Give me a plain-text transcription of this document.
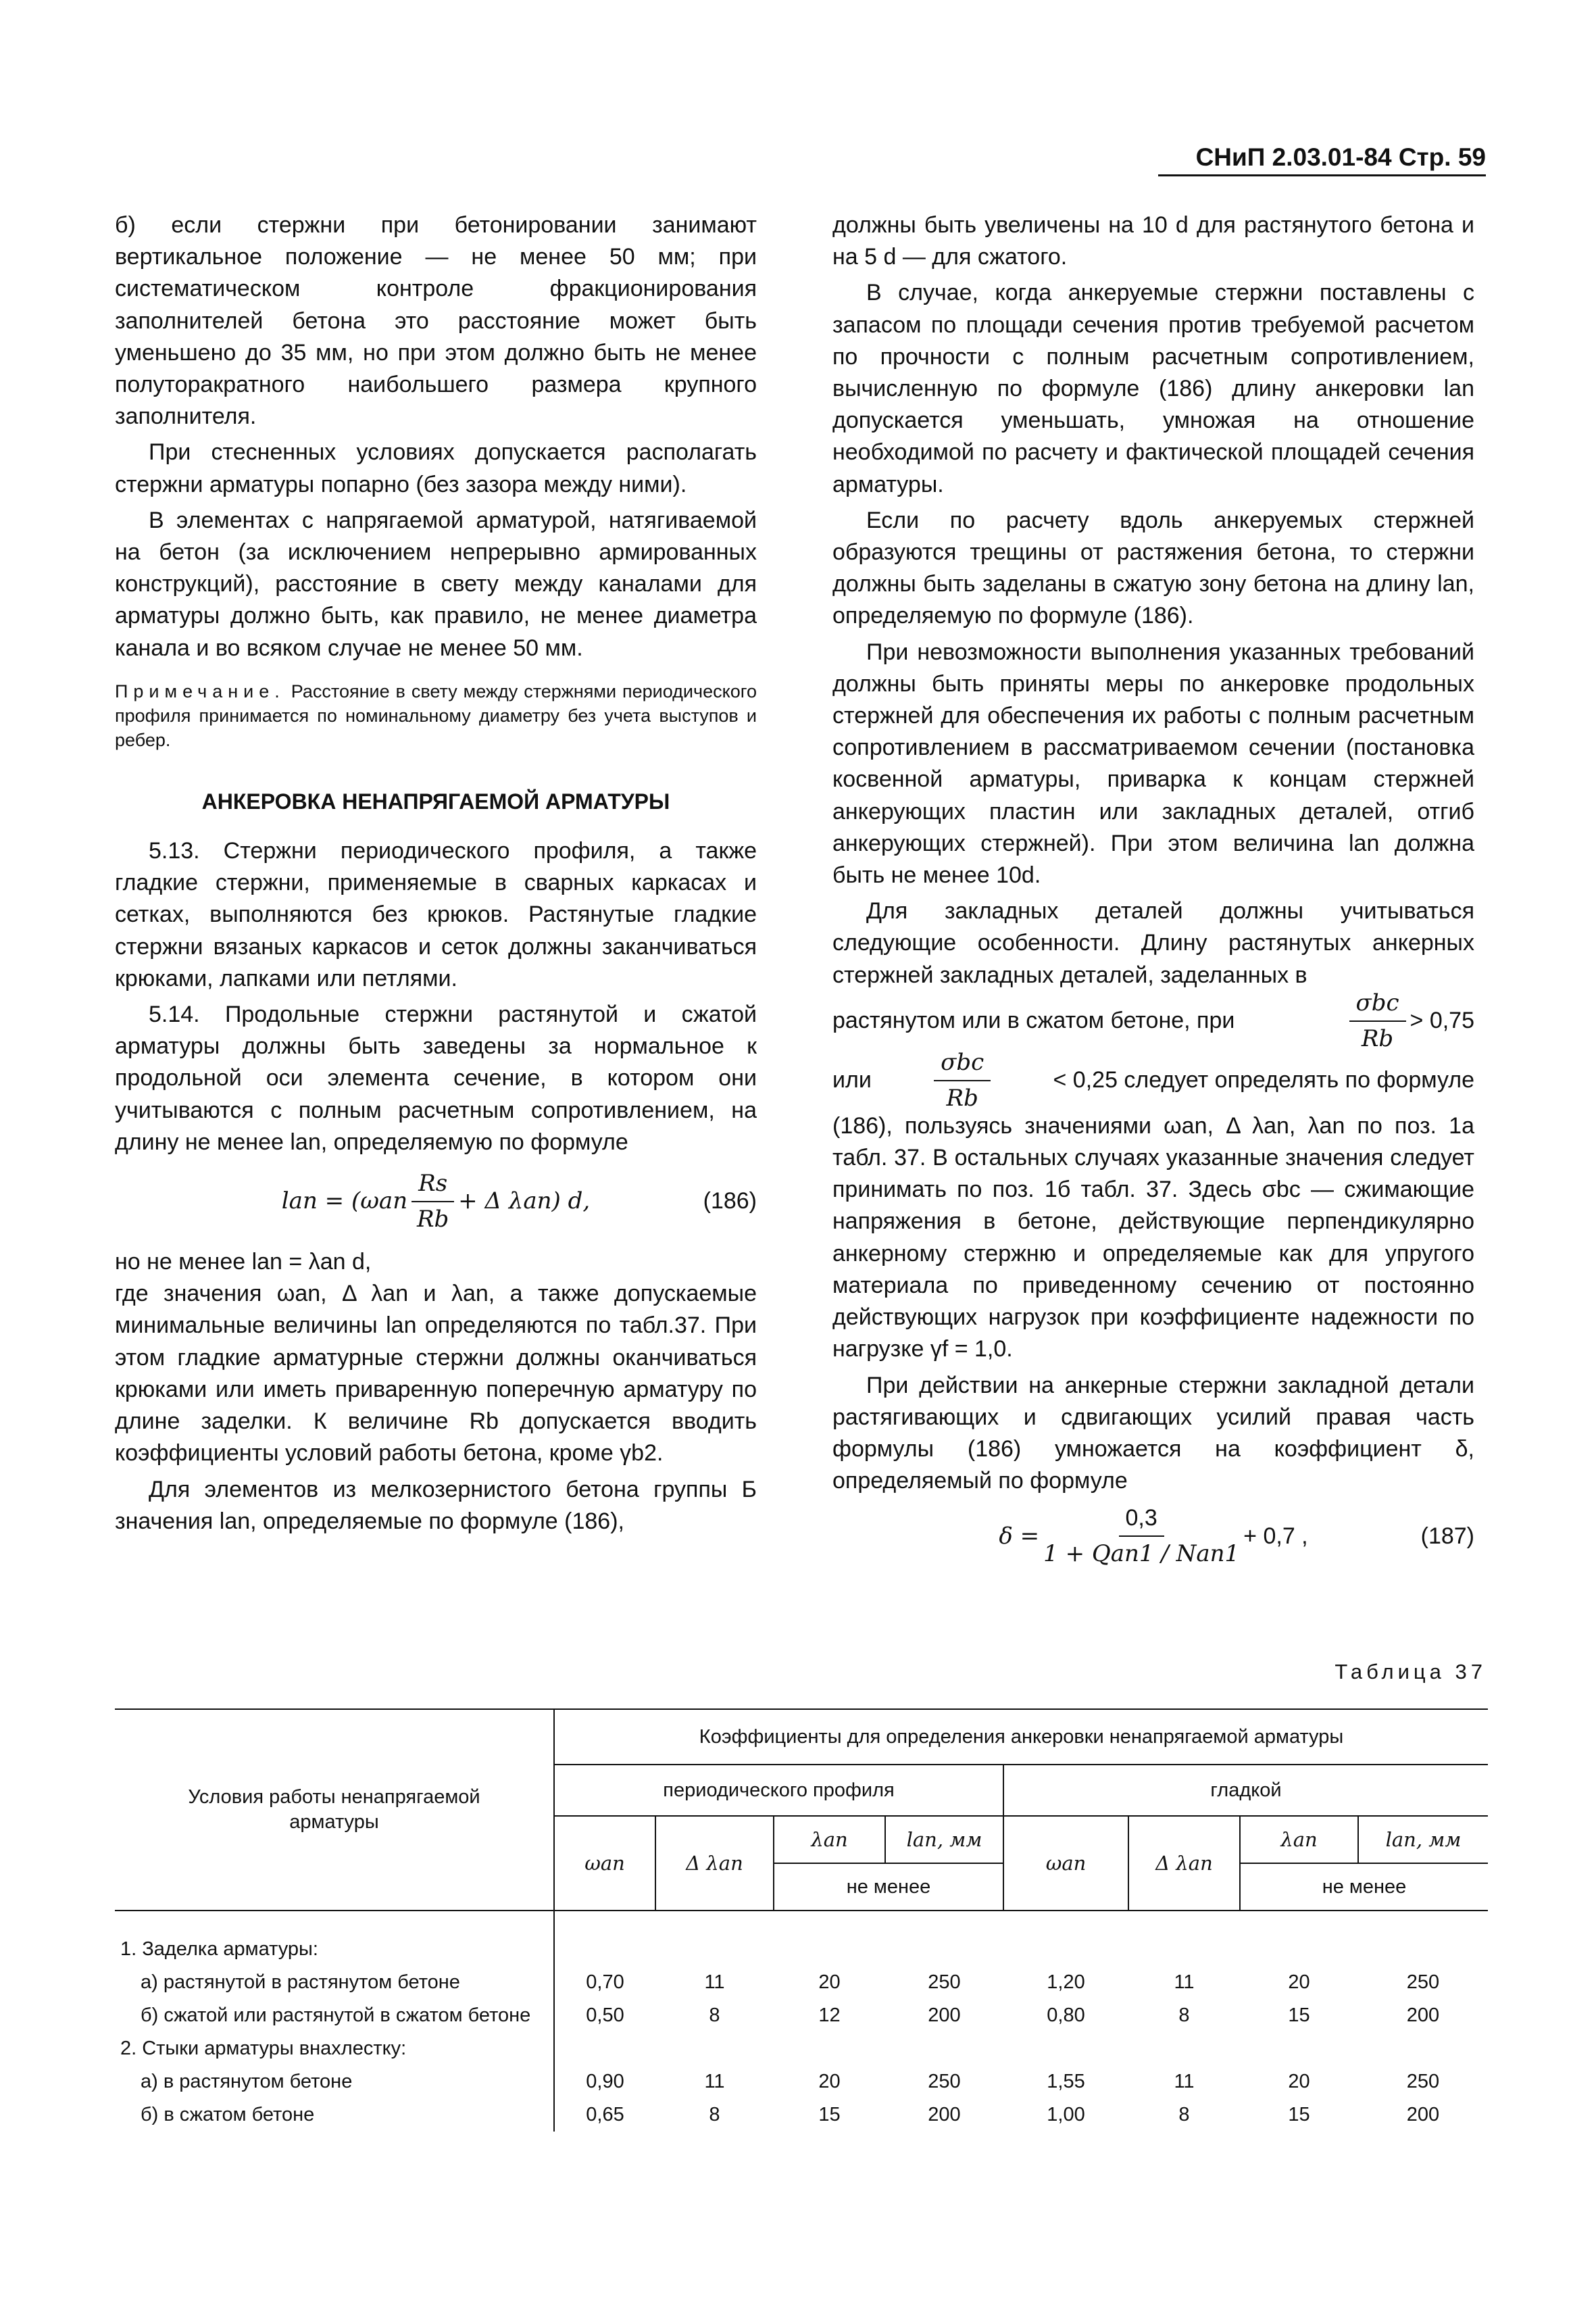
СНиП 2.03.01-84 Стр. 59

б) если стержни при бетонировании занимают вертикальное положение — не менее 50 мм; при систематическом контроле фракционирования заполнителей бетона это расстояние может быть уменьшено до 35 мм, но при этом должно быть не менее полуторакратного наибольшего размера крупного заполнителя.

При стесненных условиях допускается располагать стержни арматуры попарно (без зазора между ними).

В элементах с напрягаемой арматурой, натягиваемой на бетон (за исключением непрерывно армированных конструкций), расстояние в свету между каналами для арматуры должно быть, как правило, не менее диаметра канала и во всяком случае не менее 50 мм.

Примечание. Расстояние в свету между стержнями периодического профиля принимается по номинальному диаметру без учета выступов и ребер.
АНКЕРОВКА НЕНАПРЯГАЕМОЙ АРМАТУРЫ

5.13. Стержни периодического профиля, а также гладкие стержни, применяемые в сварных каркасах и сетках, выполняются без крюков. Растянутые гладкие стержни вязаных каркасов и сеток должны заканчиваться крюками, лапками или петлями.

5.14. Продольные стержни растянутой и сжатой арматуры должны быть заведены за нормальное к продольной оси элемента сечение, в котором они учитываются с полным расчетным сопротивлением, на длину не менее lan, определяемую по формуле

lan = ($\omega an \frac{Rs}{Rb} + \Delta$ λan) d,	(186)

но не менее lan = λan d,

где значения ωan, Δ λan и λan, а также допускаемые минимальные величины lan определяются по табл.37. При этом гладкие арматурные стержни должны оканчиваться крюками или иметь приваренную поперечную арматуру по длине заделки. К величине Rb допускается вводить коэффициенты условий работы бетона, кроме γb2.

Для элементов из мелкозернистого бетона группы Б значения lan, определяемые по формуле (186),

должны быть увеличены на 10 d для растянутого бетона и на 5 d — для сжатого.

В случае, когда анкеруемые стержни поставлены с запасом по площади сечения против требуемой расчетом по прочности с полным расчетным сопротивлением, вычисленную по формуле (186) длину анкеровки lan допускается уменьшать, умножая на отношение необходимой по расчету и фактической площадей сечения арматуры.

Если по расчету вдоль анкеруемых стержней образуются трещины от растяжения бетона, то стержни должны быть заделаны в сжатую зону бетона на длину lan, определяемую по формуле (186).

При невозможности выполнения указанных требований должны быть приняты меры по анкеровке продольных стержней для обеспечения их работы с полным расчетным сопротивлением в рассматриваемом сечении (постановка косвенной арматуры, приварка к концам стержней анкерующих пластин или закладных деталей, отгиб анкерующих стержней). При этом величина lan должна быть не менее 10d.

Для закладных деталей должны учитываться следующие особенности. Длину растянутых анкерных стержней закладных деталей, заделанных в

растянутом или в сжатом бетоне, при	$\frac{\text{σbc}}{Rb} > 0,75$
или	$\frac{\text{σbc}}{Rb}$	< 0,25 следует определять по формуле

(186), пользуясь значениями ωan, Δ λan, λan по поз. 1а табл. 37. В остальных случаях указанные значения следует принимать по поз. 1б табл. 37. Здесь σbc — сжимающие напряжения в бетоне, действующие перпендикулярно анкерному стержню и определяемые как для упругого материала по приведенному сечению от постоянно действующих нагрузок при коэффициенте надежности по нагрузке γf = 1,0.

При действии на анкерные стержни закладной детали растягивающих и сдвигающих усилий правая часть формулы (186) умножается на коэффициент δ, определяемый по формуле

$\delta = \frac{0,3}{\text{1 + Qan1 / Nan1}} + 0,7$ ,	(187)
Таблица 37
Условия работы ненапрягаемой арматуры	Коэффициенты для определения анкеровки ненапрягаемой арматуры							
	периодического профиля				гладкой			
	ωan	Δ λan	λan	lan, мм	ωan	Δ λan	λan	lan, мм
			не менее				не менее	

1. Заделка арматуры:								
а) растянутой в растянутом бетоне	0,70	11	20	250	1,20	11	20	250
б) сжатой или растянутой в сжатом бетоне	0,50	8	12	200	0,80	8	15	200
2. Стыки арматуры внахлестку:								
а) в растянутом бетоне	0,90	11	20	250	1,55	11	20	250
б) в сжатом бетоне	0,65	8	15	200	1,00	8	15	200
